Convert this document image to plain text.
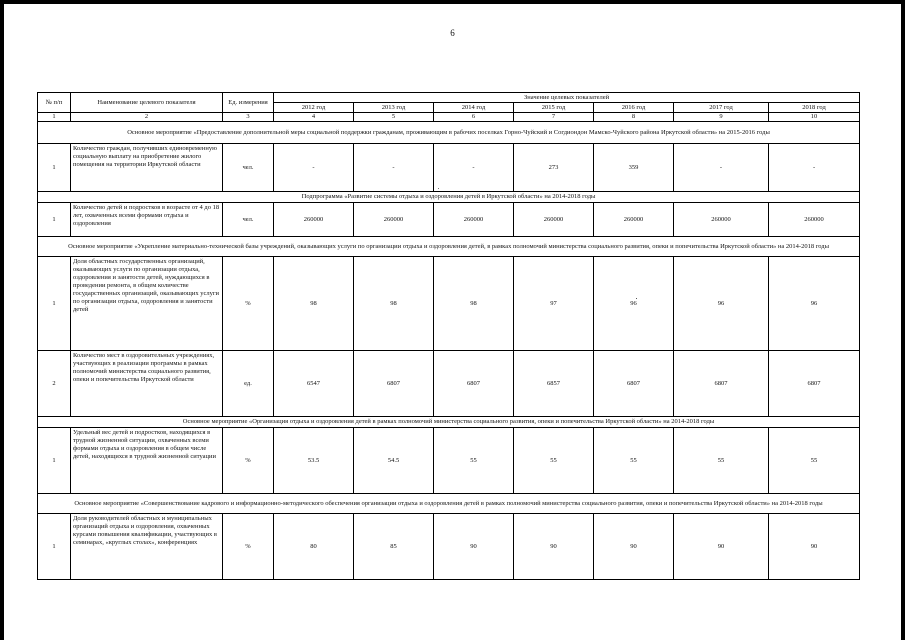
6
№ п/п	Наименование целевого показателя	Ед. измерения	Значение целевых показателей						
			2012 год	2013 год	2014 год	2015 год	2016 год	2017 год	2018 год
1	2	3	4	5	6	7	8	9	10
Основное мероприятие «Предоставление дополнительной меры социальной поддержки гражданам, проживающим в рабочих поселках Горно-Чуйский и Согдиондон Мамско-Чуйского района Иркутской области» на 2015-2016 годы									
1	Количество граждан, получивших единовременную социальную выплату на приобретение жилого помещения на территории Иркутской области	чел.	-	-	-	273	359	-	-
Подпрограмма «Развитие системы отдыха и оздоровления детей в Иркутской области» на 2014-2018 годы									
1	Количество детей и подростков в возрасте от 4 до 18 лет, охваченных всеми формами отдыха и оздоровления	чел.	260000	260000	260000	260000	260000	260000	260000
Основное мероприятие «Укрепление материально-технической базы учреждений, оказывающих услуги по организации отдыха и оздоровления детей, в рамках полномочий министерства социального развития, опеки и попечительства Иркутской области» на 2014-2018 годы									
1	Доля областных государственных организаций, оказывающих услуги по организации отдыха, оздоровления и занятости детей, нуждающихся в проведении ремонта, в общем количестве государственных организаций, оказывающих услуги по организации отдыха, оздоровления и занятости детей	%	98	98	98	97	96	96	96
2	Количество мест в оздоровительных учреждениях, участвующих в реализации программы в рамках полномочий министерства социального развития, опеки и попечительства Иркутской области	ед.	6547	6807	6807	6857	6807	6807	6807
Основное мероприятие «Организация отдыха и оздоровления детей в рамках полномочий министерства социального развития, опеки и попечительства Иркутской области» на 2014-2018 годы									
1	Удельный вес детей и подростков, находящихся в трудной жизненной ситуации, охваченных всеми формами отдыха и оздоровления в общем числе детей, находящихся в трудной жизненной ситуации	%	53.5	54.5	55	55	55	55	55
Основное мероприятие «Совершенствование кадрового и информационно-методического обеспечения организации отдыха и оздоровления детей в рамках полномочий министерства социального развития, опеки и попечительства Иркутской области» на 2014-2018 годы									
1	Доля руководителей областных и муниципальных организаций отдыха и оздоровления, охваченных курсами повышения квалификации, участвующих в семинарах, «круглых столах», конференциях	%	80	85	90	90	90	90	90
